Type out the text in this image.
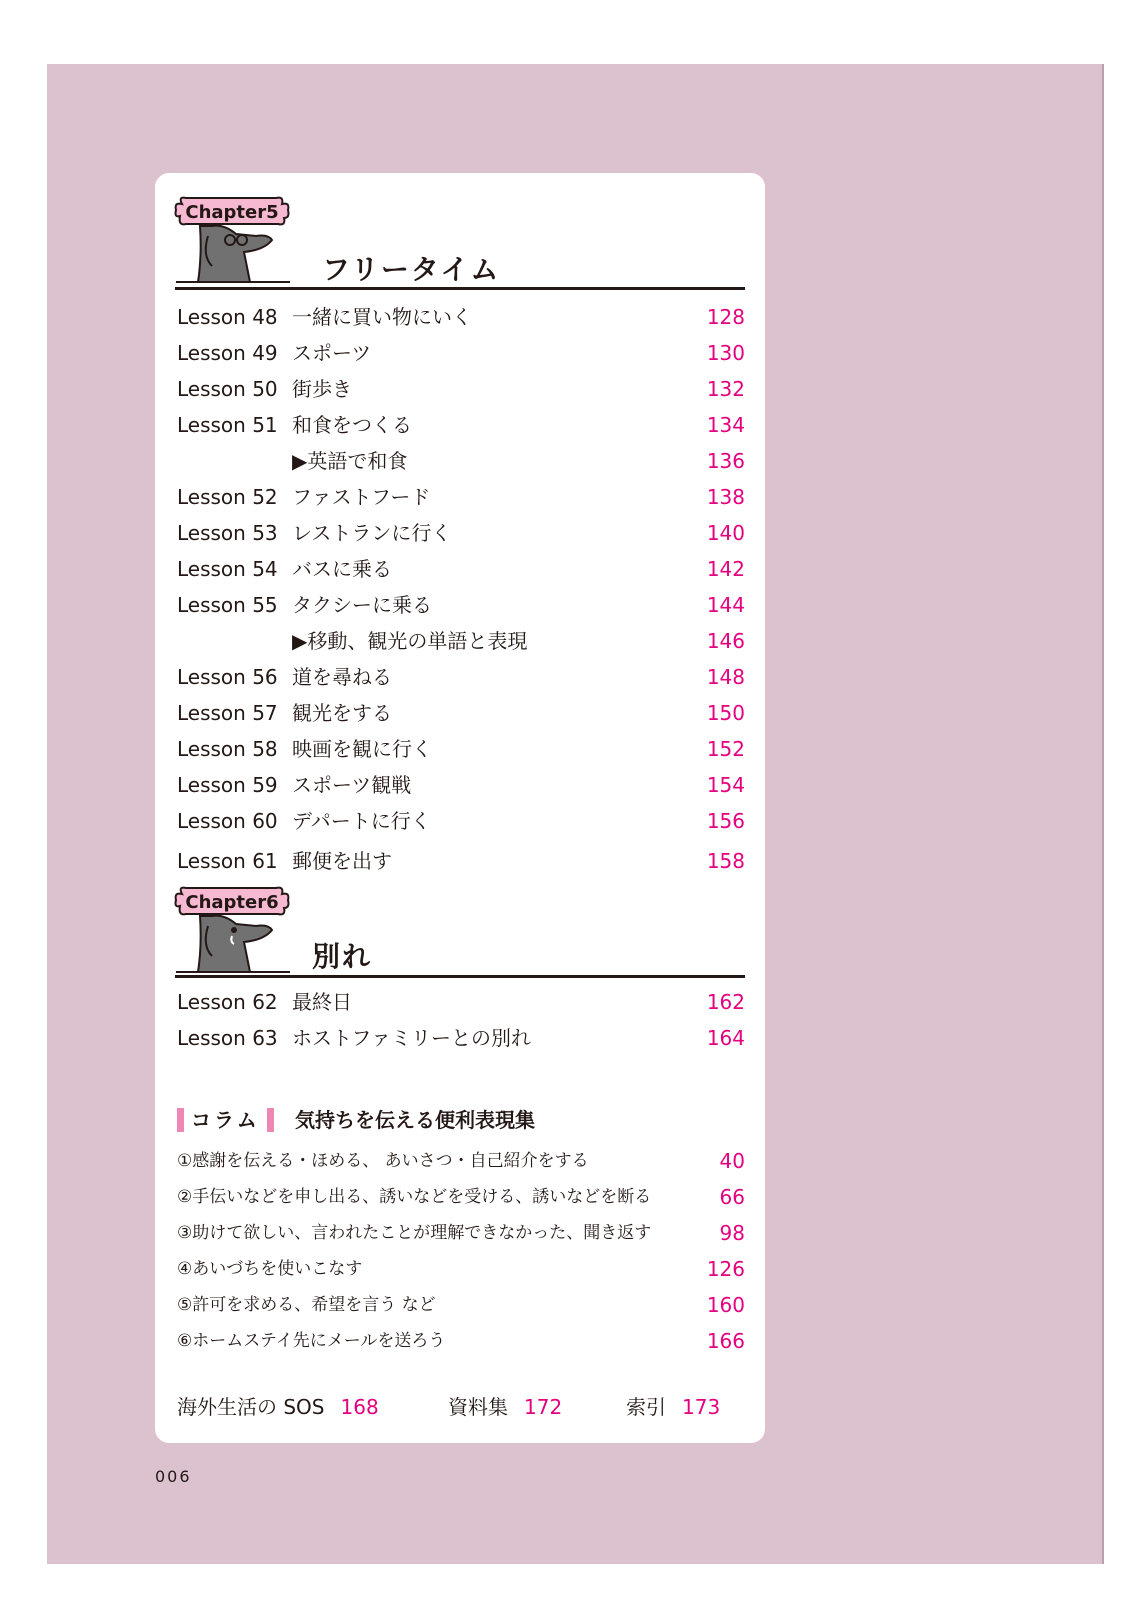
Chapter5
フリータイム
Lesson 48 一緒に買い物にいく	128
Lesson 49 スポーツ	130
Lesson 50 街歩き	132
Lesson 51 和食をつくる	134
▶英語で和食	136
Lesson 52 ファストフード	138
Lesson 53 レストランに行く	140
Lesson 54 バスに乗る	142
Lesson 55 タクシーに乗る	144
▶移動、観光の単語と表現	146
Lesson 56 道を尋ねる	148
Lesson 57 観光をする	150
Lesson 58 映画を観に行く	152
Lesson 59 スポーツ観戦	154
Lesson 60 デパートに行く	156
Lesson 61 郵便を出す	158
Chapter6
別れ
Lesson 62 最終日	162
Lesson 63 ホストファミリーとの別れ	164
コラム 気持ちを伝える便利表現集
①感謝を伝える・ほめる、 あいさつ・自己紹介をする	40
②手伝いなどを申し出る、誘いなどを受ける、誘いなどを断る	66
③助けて欲しい、言われたことが理解できなかった、聞き返す	98
④あいづちを使いこなす	126
⑤許可を求める、希望を言う など	160
⑥ホームステイ先にメールを送ろう	166
海外生活の SOS 168	資料集 172	索引 173
006
